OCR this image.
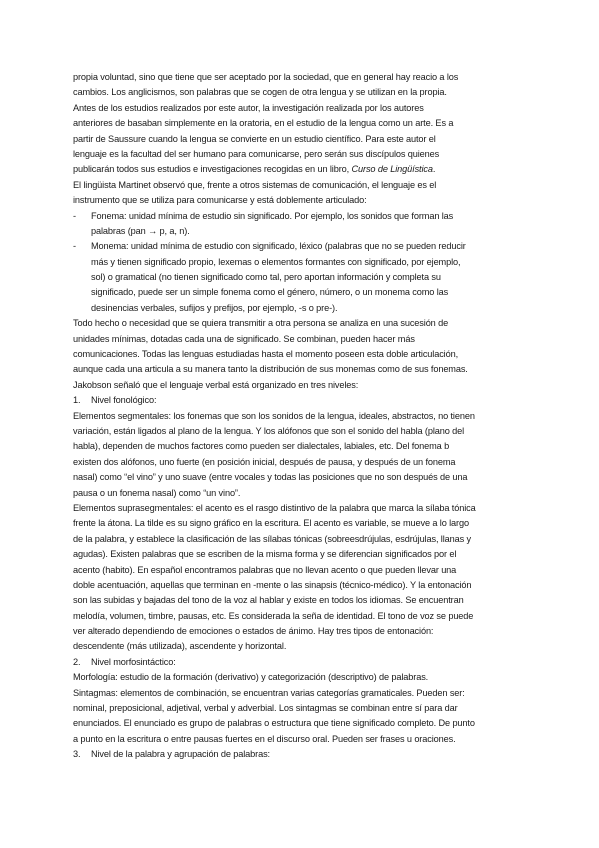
propia voluntad, sino que tiene que ser aceptado por la sociedad, que en general hay reacio a los
cambios. Los anglicismos, son palabras que se cogen de otra lengua y se utilizan en la propia.
Antes de los estudios realizados por este autor, la investigación realizada por los autores
anteriores de basaban simplemente en la oratoria, en el estudio de la lengua como un arte. Es a
partir de Saussure cuando la lengua se convierte en un estudio científico. Para este autor el
lenguaje es la facultad del ser humano para comunicarse, pero serán sus discípulos quienes
publicarán todos sus estudios e investigaciones recogidas en un libro, Curso de Lingüística.
El lingüista Martinet observó que, frente a otros sistemas de comunicación, el lenguaje es el
instrumento que se utiliza para comunicarse y está doblemente articulado:
- Fonema: unidad mínima de estudio sin significado. Por ejemplo, los sonidos que forman las
palabras (pan → p, a, n).
- Monema: unidad mínima de estudio con significado, léxico (palabras que no se pueden reducir
más y tienen significado propio, lexemas o elementos formantes con significado, por ejemplo,
sol) o gramatical (no tienen significado como tal, pero aportan información y completa su
significado, puede ser un simple fonema como el género, número, o un monema como las
desinencias verbales, sufijos y prefijos, por ejemplo, -s o pre-).
Todo hecho o necesidad que se quiera transmitir a otra persona se analiza en una sucesión de
unidades mínimas, dotadas cada una de significado. Se combinan, pueden hacer más
comunicaciones. Todas las lenguas estudiadas hasta el momento poseen esta doble articulación,
aunque cada una articula a su manera tanto la distribución de sus monemas como de sus fonemas.
Jakobson señaló que el lenguaje verbal está organizado en tres niveles:
1. Nivel fonológico:
Elementos segmentales: los fonemas que son los sonidos de la lengua, ideales, abstractos, no tienen
variación, están ligados al plano de la lengua. Y los alófonos que son el sonido del habla (plano del
habla), dependen de muchos factores como pueden ser dialectales, labiales, etc. Del fonema b
existen dos alófonos, uno fuerte (en posición inicial, después de pausa, y después de un fonema
nasal) como “el vino” y uno suave (entre vocales y todas las posiciones que no son después de una
pausa o un fonema nasal) como “un vino”.
Elementos suprasegmentales: el acento es el rasgo distintivo de la palabra que marca la sílaba tónica
frente la átona. La tilde es su signo gráfico en la escritura. El acento es variable, se mueve a lo largo
de la palabra, y establece la clasificación de las sílabas tónicas (sobreesdrújulas, esdrújulas, llanas y
agudas). Existen palabras que se escriben de la misma forma y se diferencian significados por el
acento (habito). En español encontramos palabras que no llevan acento o que pueden llevar una
doble acentuación, aquellas que terminan en -mente o las sinapsis (técnico-médico). Y la entonación
son las subidas y bajadas del tono de la voz al hablar y existe en todos los idiomas. Se encuentran
melodía, volumen, timbre, pausas, etc. Es considerada la seña de identidad. El tono de voz se puede
ver alterado dependiendo de emociones o estados de ánimo. Hay tres tipos de entonación:
descendente (más utilizada), ascendente y horizontal.
2. Nivel morfosintáctico:
Morfología: estudio de la formación (derivativo) y categorización (descriptivo) de palabras.
Sintagmas: elementos de combinación, se encuentran varias categorías gramaticales. Pueden ser:
nominal, preposicional, adjetival, verbal y adverbial. Los sintagmas se combinan entre sí para dar
enunciados. El enunciado es grupo de palabras o estructura que tiene significado completo. De punto
a punto en la escritura o entre pausas fuertes en el discurso oral. Pueden ser frases u oraciones.
3. Nivel de la palabra y agrupación de palabras:
